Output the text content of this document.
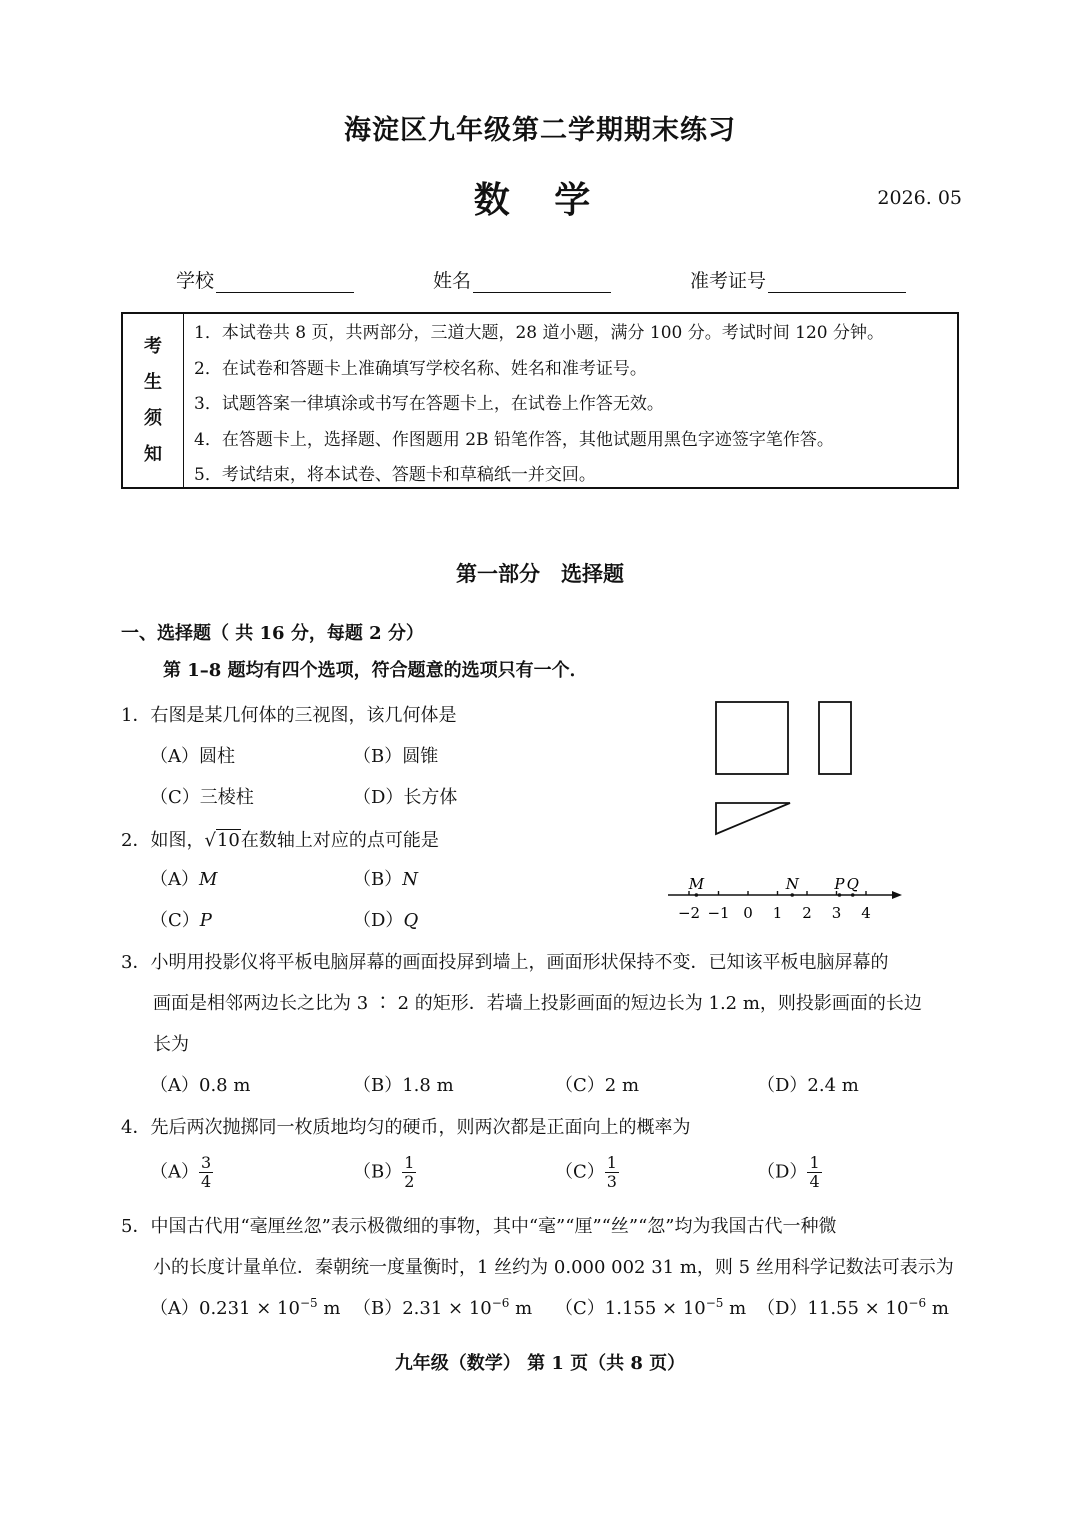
海淀区九年级第二学期期末练习
数 学	2026. 05
学校	姓名	准考证号
考
生
须
知
1．本试卷共 8 页，共两部分，三道大题，28 道小题，满分 100 分。考试时间 120 分钟。
2．在试卷和答题卡上准确填写学校名称、姓名和准考证号。
3．试题答案一律填涂或书写在答题卡上，在试卷上作答无效。
4．在答题卡上，选择题、作图题用 2B 铅笔作答，其他试题用黑色字迹签字笔作答。
5．考试结束，将本试卷、答题卡和草稿纸一并交回。
第一部分　选择题
一、选择题（ 共 16 分，每题 2 分）
第 1–8 题均有四个选项，符合题意的选项只有一个．
1．右图是某几何体的三视图，该几何体是
（A）圆柱	（B）圆锥
（C）三棱柱	（D）长方体
2．如图，√10在数轴上对应的点可能是
（A）M	（B）N
（C）P	（D）Q	−2 −1 0 1 2 3 4
M	N P Q
3．小明用投影仪将平板电脑屏幕的画面投屏到墙上，画面形状保持不变．已知该平板电脑屏幕的
画面是相邻两边长之比为 3 ∶ 2 的矩形．若墙上投影画面的短边长为 1.2 m，则投影画面的长边
长为
（A）0.8 m	（B）1.8 m	（C）2 m	（D）2.4 m
4．先后两次抛掷同一枚质地均匀的硬币，则两次都是正面向上的概率为
$(A) \frac{3}{4}$	$(B) \frac{1}{2}$	$(C) \frac{1}{3}$	$(D) \frac{1}{4}$
5．中国古代用“毫厘丝忽”表示极微细的事物，其中“毫”“厘”“丝”“忽”均为我国古代一种微
小的长度计量单位．秦朝统一度量衡时，1 丝约为 0.000 002 31 m，则 5 丝用科学记数法可表示为
$(A)0.231 \times 10^{-5}$ m $(B)2.31 \times 10^{-6}$ m $(C)1.155 \times 10^{-5}$ m $(D)11.55 \times 10^{-6}$ m
九年级（数学） 第 1 页（共 8 页）
